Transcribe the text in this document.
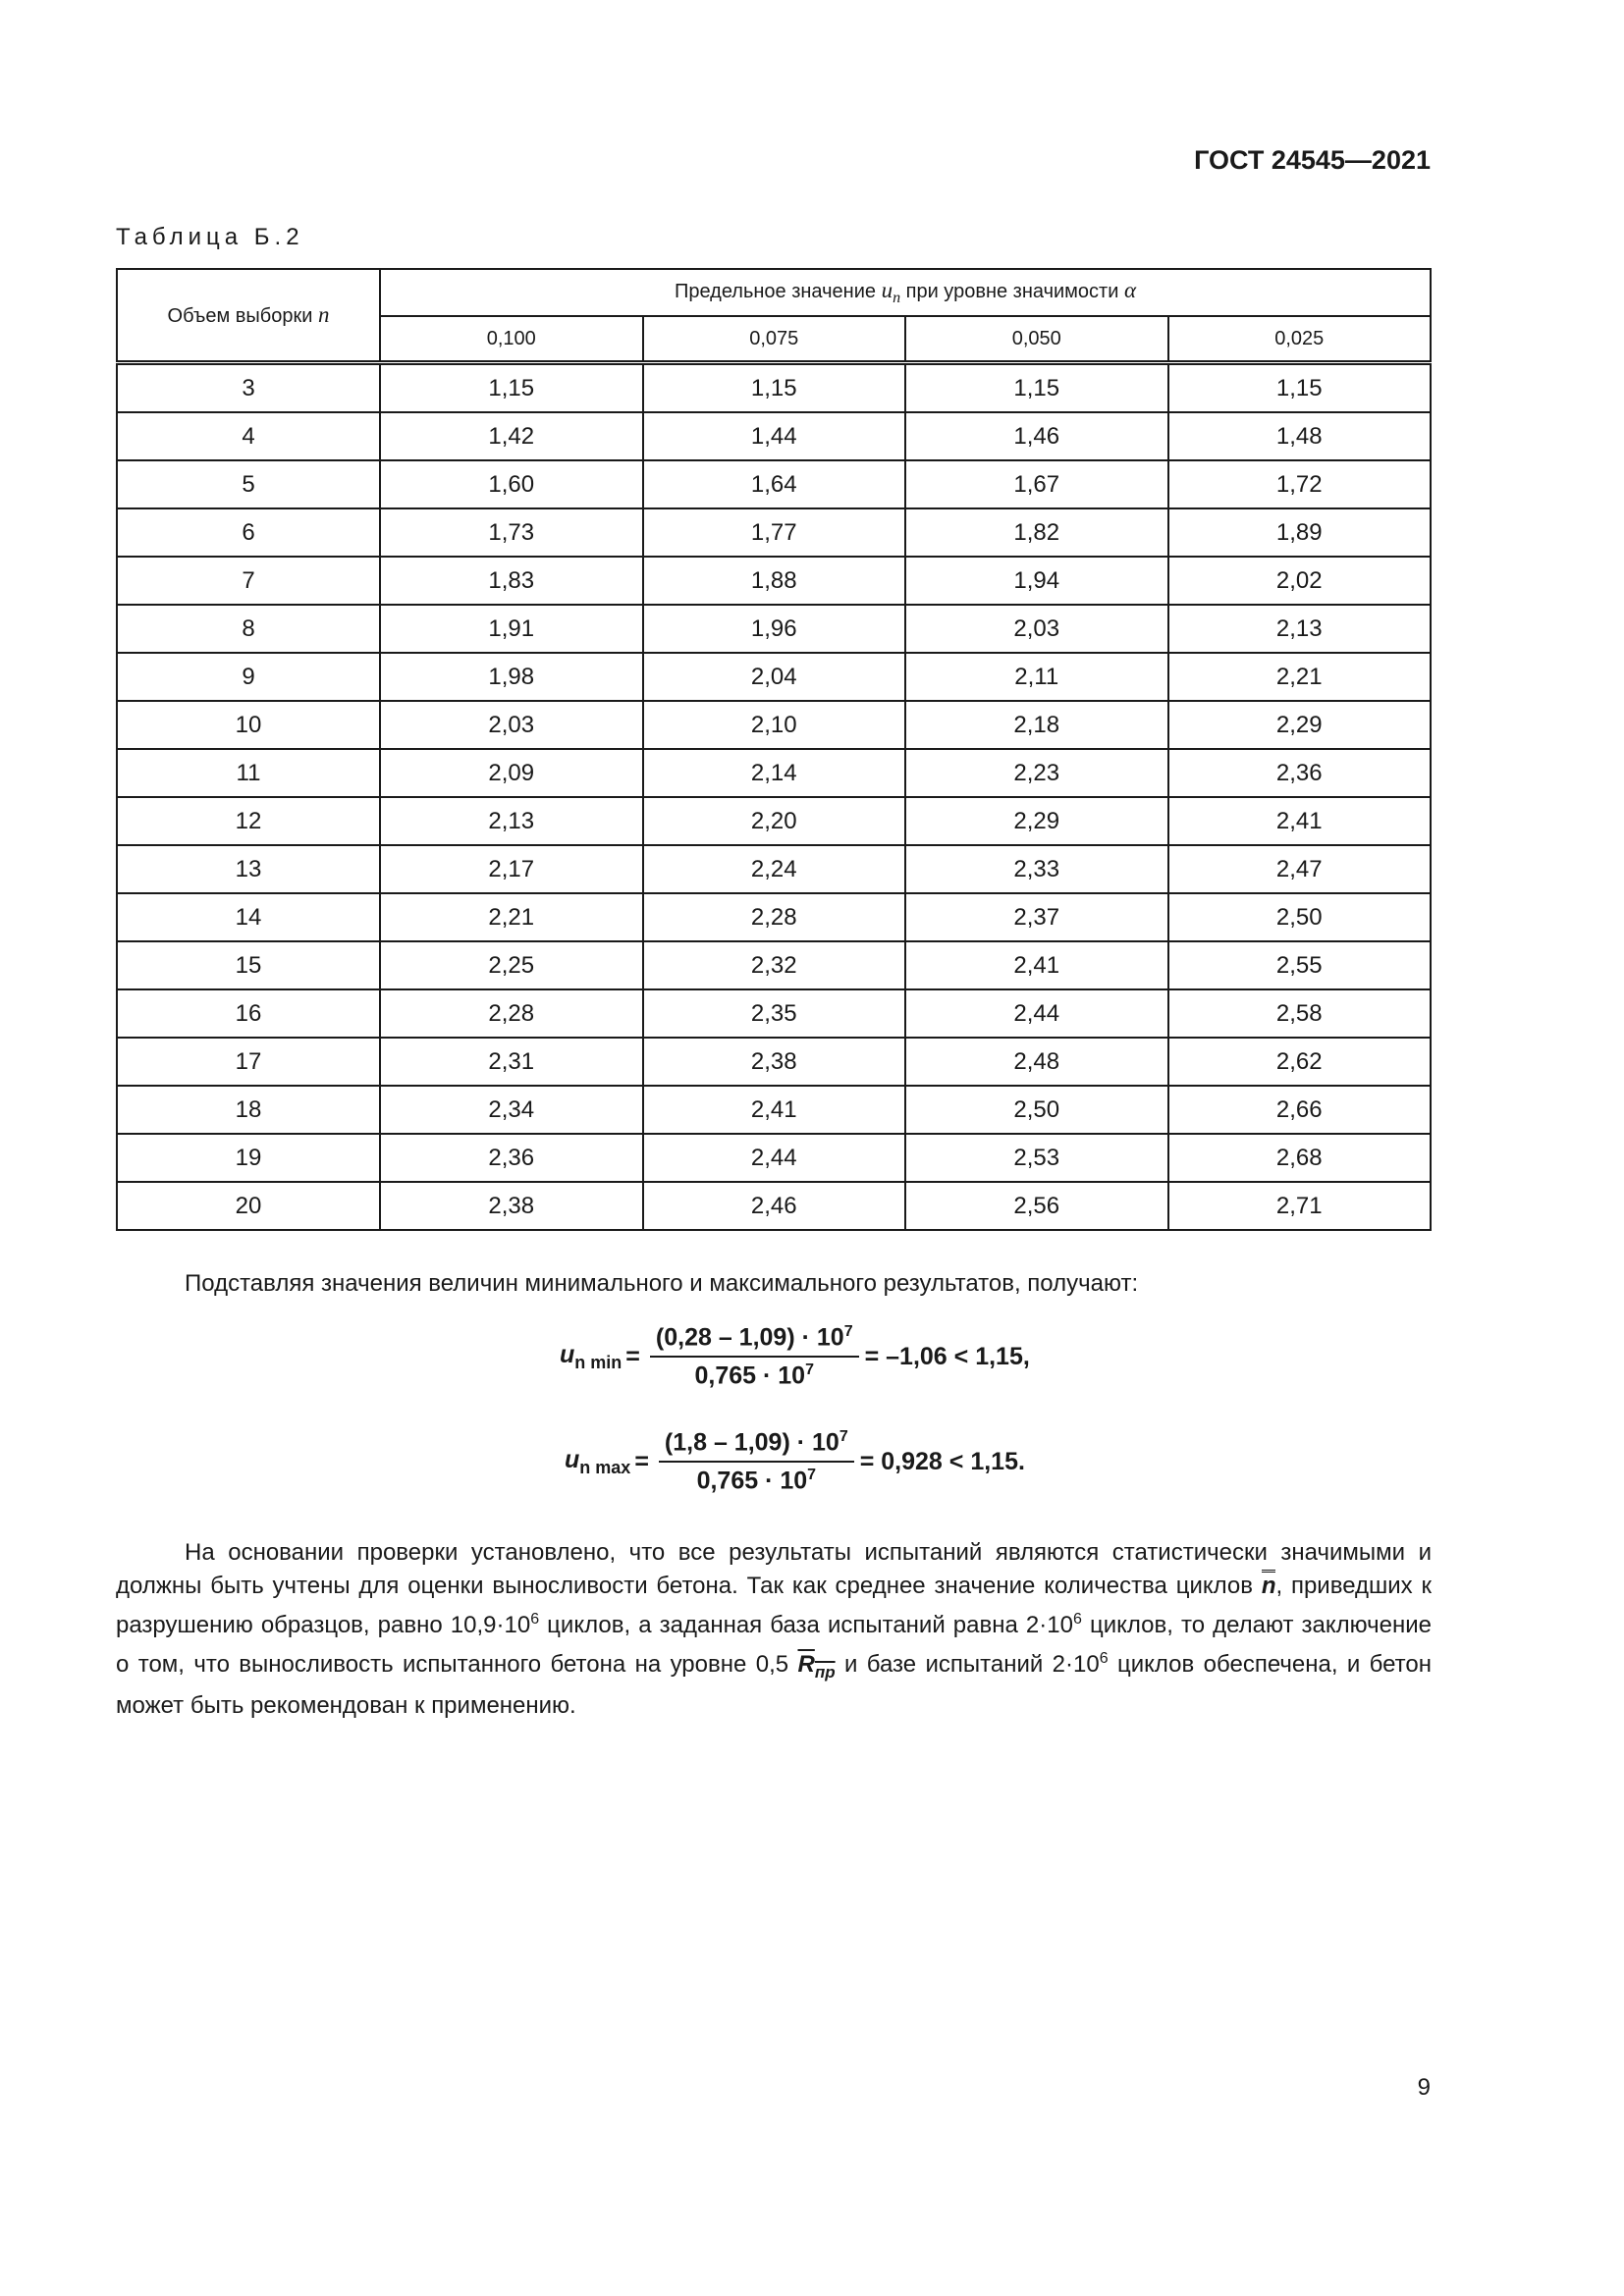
ГОСТ 24545—2021
Таблица Б.2
Объем выборки n	Предельное значение $u_n$ при уровне значимости α			
	0,100	0,075	0,050	0,025
3	1,15	1,15	1,15	1,15
4	1,42	1,44	1,46	1,48
5	1,60	1,64	1,67	1,72
6	1,73	1,77	1,82	1,89
7	1,83	1,88	1,94	2,02
8	1,91	1,96	2,03	2,13
9	1,98	2,04	2,11	2,21
10	2,03	2,10	2,18	2,29
11	2,09	2,14	2,23	2,36
12	2,13	2,20	2,29	2,41
13	2,17	2,24	2,33	2,47
14	2,21	2,28	2,37	2,50
15	2,25	2,32	2,41	2,55
16	2,28	2,35	2,44	2,58
17	2,31	2,38	2,48	2,62
18	2,34	2,41	2,50	2,66
19	2,36	2,44	2,53	2,68
20	2,38	2,46	2,56	2,71
Подставляя значения величин минимального и максимального результатов, получают:
$u_{n min} = \frac{(0,28 - 1,09) \cdot 10^7}{0,765 \cdot 10^7} = -1,06 < 1,15$,
$u_{n max} = \frac{(1,8 - 1,09) \cdot 10^7}{0,765 \cdot 10^7} = 0,928 < 1,15$.
На основании проверки установлено, что все результаты испытаний являются статистически значимыми и должны быть учтены для оценки выносливости бетона. Так как среднее значение количества циклов n, приведших к разрушению образцов, равно $10,9\cdot 10^6$ циклов, а заданная база испытаний равна $2\cdot 10^6$ циклов, то делают заключение о том, что выносливость испытанного бетона на уровне 0,5 $R_{пр}$ и базе испытаний $2\cdot 10^6$ циклов обеспечена, и бетон может быть рекомендован к применению.
9
